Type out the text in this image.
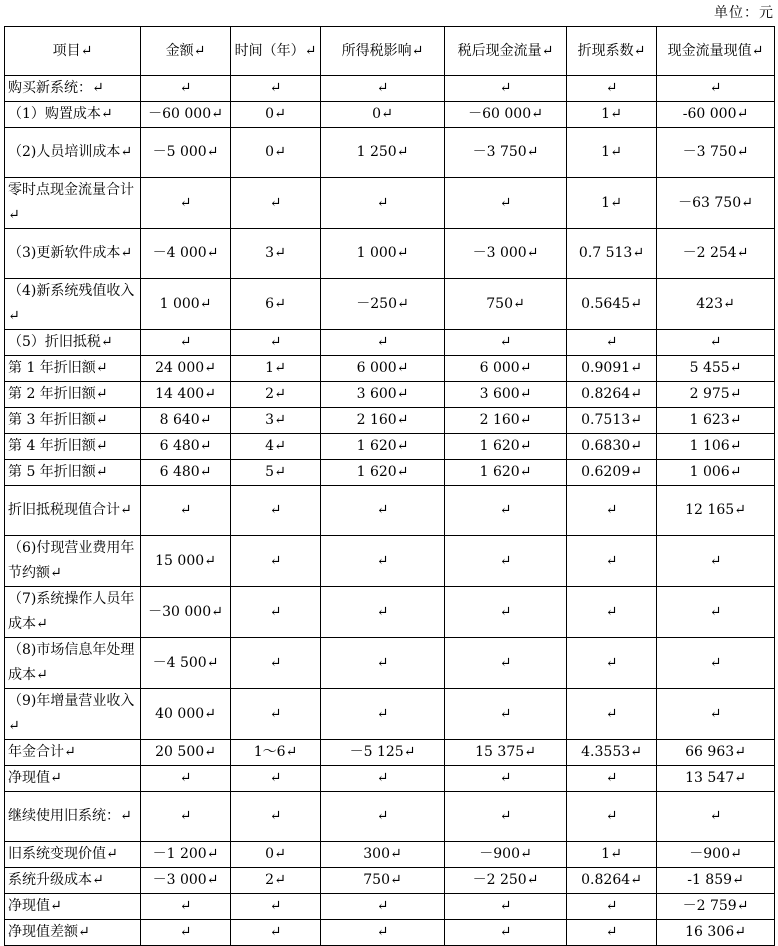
单位：元
项目↵	金额↵	时间（年）↵	所得税影响↵	税后现金流量↵	折现系数↵	现金流量现值↵
购买新系统：↵	↵	↵	↵	↵	↵	↵
（1）购置成本↵	－60 000↵	0↵	0↵	－60 000↵	1↵	-60 000↵
（2)人员培训成本↵	－5 000↵	0↵	1 250↵	－3 750↵	1↵	－3 750↵
零时点现金流量合计↵	↵	↵	↵	↵	1↵	－63 750↵
（3)更新软件成本↵	－4 000↵	3↵	1 000↵	－3 000↵	0.7 513↵	－2 254↵
（4)新系统残值收入↵	1 000↵	6↵	－250↵	750↵	0.5645↵	423↵
（5）折旧抵税↵	↵	↵	↵	↵	↵	↵
第 1 年折旧额↵	24 000↵	1↵	6 000↵	6 000↵	0.9091↵	5 455↵
第 2 年折旧额↵	14 400↵	2↵	3 600↵	3 600↵	0.8264↵	2 975↵
第 3 年折旧额↵	8 640↵	3↵	2 160↵	2 160↵	0.7513↵	1 623↵
第 4 年折旧额↵	6 480↵	4↵	1 620↵	1 620↵	0.6830↵	1 106↵
第 5 年折旧额↵	6 480↵	5↵	1 620↵	1 620↵	0.6209↵	1 006↵
折旧抵税现值合计↵	↵	↵	↵	↵	↵	12 165↵
（6)付现营业费用年节约额↵	15 000↵	↵	↵	↵	↵	↵
（7)系统操作人员年成本↵	－30 000↵	↵	↵	↵	↵	↵
（8)市场信息年处理成本↵	－4 500↵	↵	↵	↵	↵	↵
（9)年增量营业收入↵	40 000↵	↵	↵	↵	↵	↵
年金合计↵	20 500↵	1～6↵	－5 125↵	15 375↵	4.3553↵	66 963↵
净现值↵	↵	↵	↵	↵	↵	13 547↵
继续使用旧系统：↵	↵	↵	↵	↵	↵	↵
旧系统变现价值↵	－1 200↵	0↵	300↵	－900↵	1↵	－900↵
系统升级成本↵	－3 000↵	2↵	750↵	－2 250↵	0.8264↵	-1 859↵
净现值↵	↵	↵	↵	↵	↵	－2 759↵
净现值差额↵	↵	↵	↵	↵	↵	16 306↵
